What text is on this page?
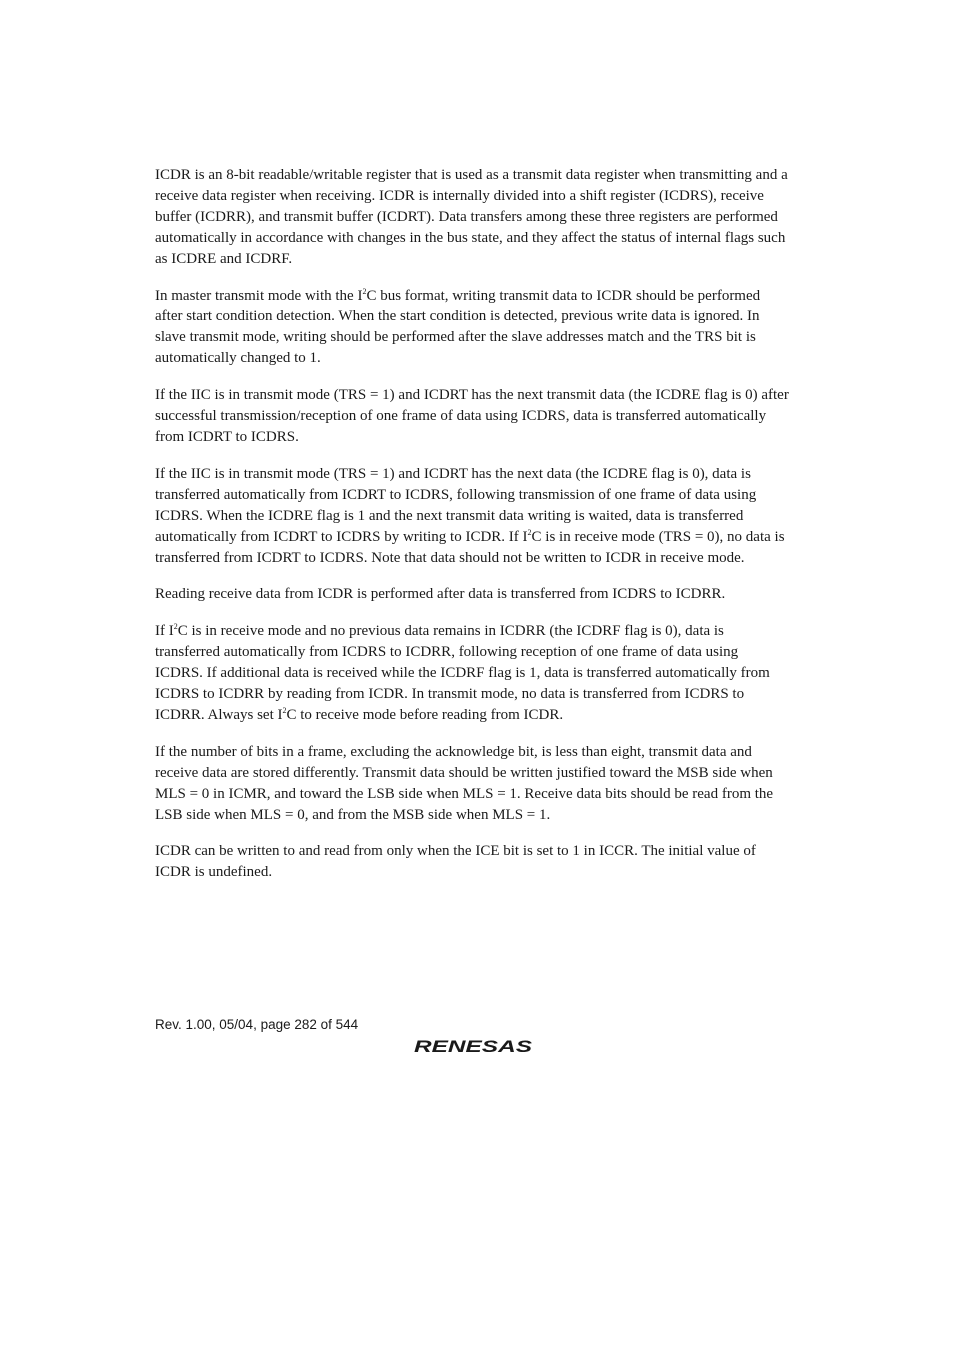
ICDR is an 8-bit readable/writable register that is used as a transmit data register when transmitting and a receive data register when receiving. ICDR is internally divided into a shift register (ICDRS), receive buffer (ICDRR), and transmit buffer (ICDRT). Data transfers among these three registers are performed automatically in accordance with changes in the bus state, and they affect the status of internal flags such as ICDRE and ICDRF.

In master transmit mode with the $I^2C$ bus format, writing transmit data to ICDR should be performed after start condition detection. When the start condition is detected, previous write data is ignored. In slave transmit mode, writing should be performed after the slave addresses match and the TRS bit is automatically changed to 1.

If the IIC is in transmit mode (TRS = 1) and ICDRT has the next transmit data (the ICDRE flag is 0) after successful transmission/reception of one frame of data using ICDRS, data is transferred automatically from ICDRT to ICDRS.

If the IIC is in transmit mode (TRS = 1) and ICDRT has the next data (the ICDRE flag is 0), data is transferred automatically from ICDRT to ICDRS, following transmission of one frame of data using ICDRS. When the ICDRE flag is 1 and the next transmit data writing is waited, data is transferred automatically from ICDRT to ICDRS by writing to ICDR. If $I^2C$ is in receive mode (TRS = 0), no data is transferred from ICDRT to ICDRS. Note that data should not be written to ICDR in receive mode.

Reading receive data from ICDR is performed after data is transferred from ICDRS to ICDRR.

If $I^2C$ is in receive mode and no previous data remains in ICDRR (the ICDRF flag is 0), data is transferred automatically from ICDRS to ICDRR, following reception of one frame of data using ICDRS. If additional data is received while the ICDRF flag is 1, data is transferred automatically from ICDRS to ICDRR by reading from ICDR. In transmit mode, no data is transferred from ICDRS to ICDRR. Always set $I^2C$ to receive mode before reading from ICDR.

If the number of bits in a frame, excluding the acknowledge bit, is less than eight, transmit data and receive data are stored differently. Transmit data should be written justified toward the MSB side when MLS = 0 in ICMR, and toward the LSB side when MLS = 1. Receive data bits should be read from the LSB side when MLS = 0, and from the MSB side when MLS = 1.

ICDR can be written to and read from only when the ICE bit is set to 1 in ICCR. The initial value of ICDR is undefined.

Rev. 1.00, 05/04, page 282 of 544
RENESAS
